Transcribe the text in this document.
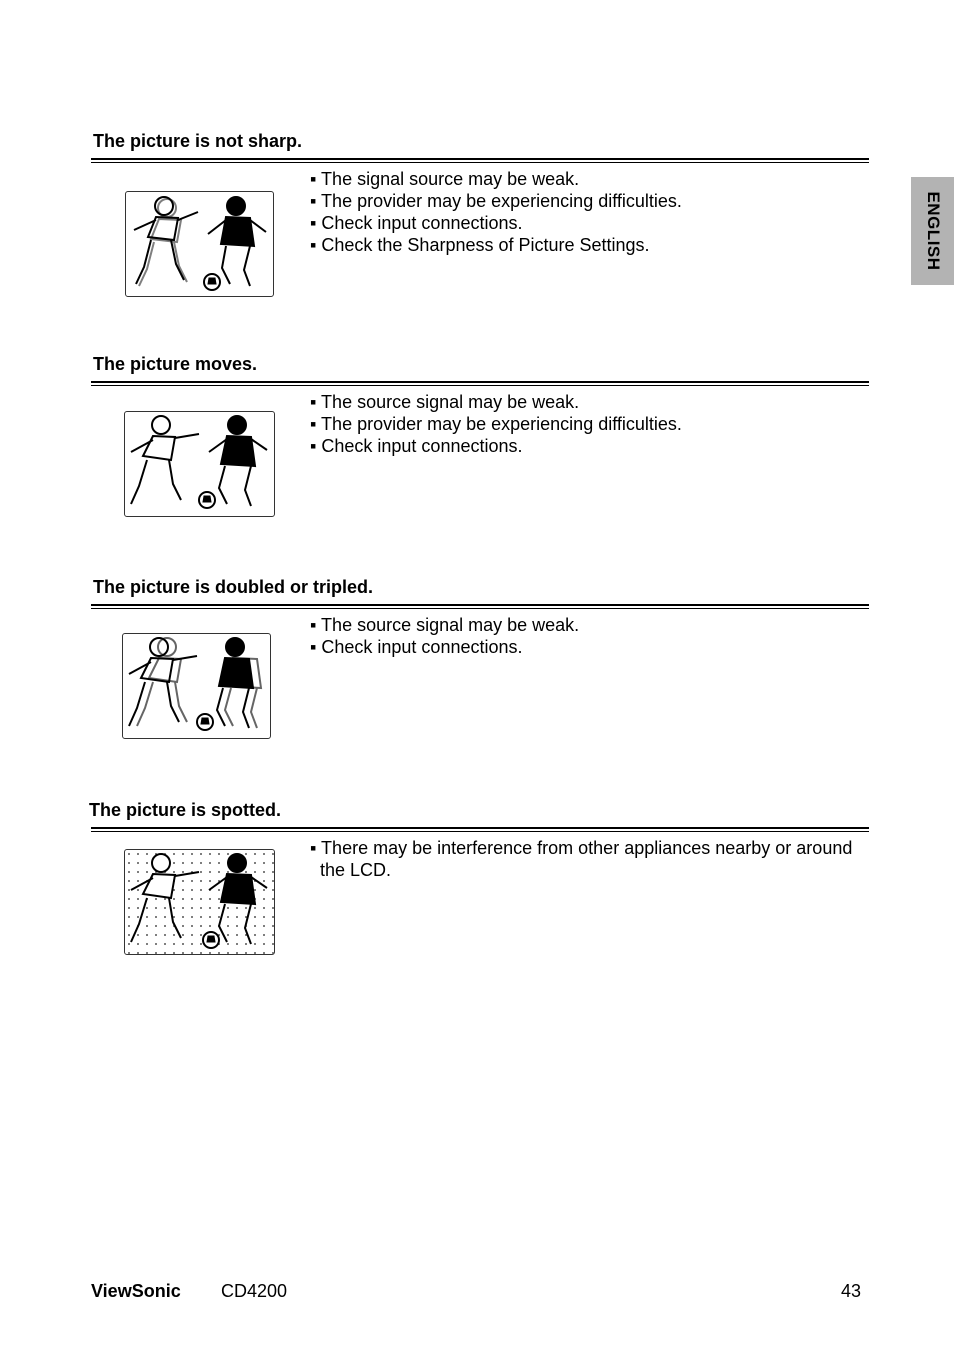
ENGLISH
The picture is not sharp.
▪ The signal source may be weak.
▪ The provider may be experiencing difficulties.
▪ Check input connections.
▪ Check the Sharpness of Picture Settings.
The picture moves.
▪ The source signal may be weak.
▪ The provider may be experiencing difficulties.
▪ Check input connections.
The picture is doubled or tripled.
▪ The source signal may be weak.
▪ Check input connections.
The picture is spotted.
▪ There may be interference from other appliances nearby or around the LCD.
ViewSonic CD4200	43
